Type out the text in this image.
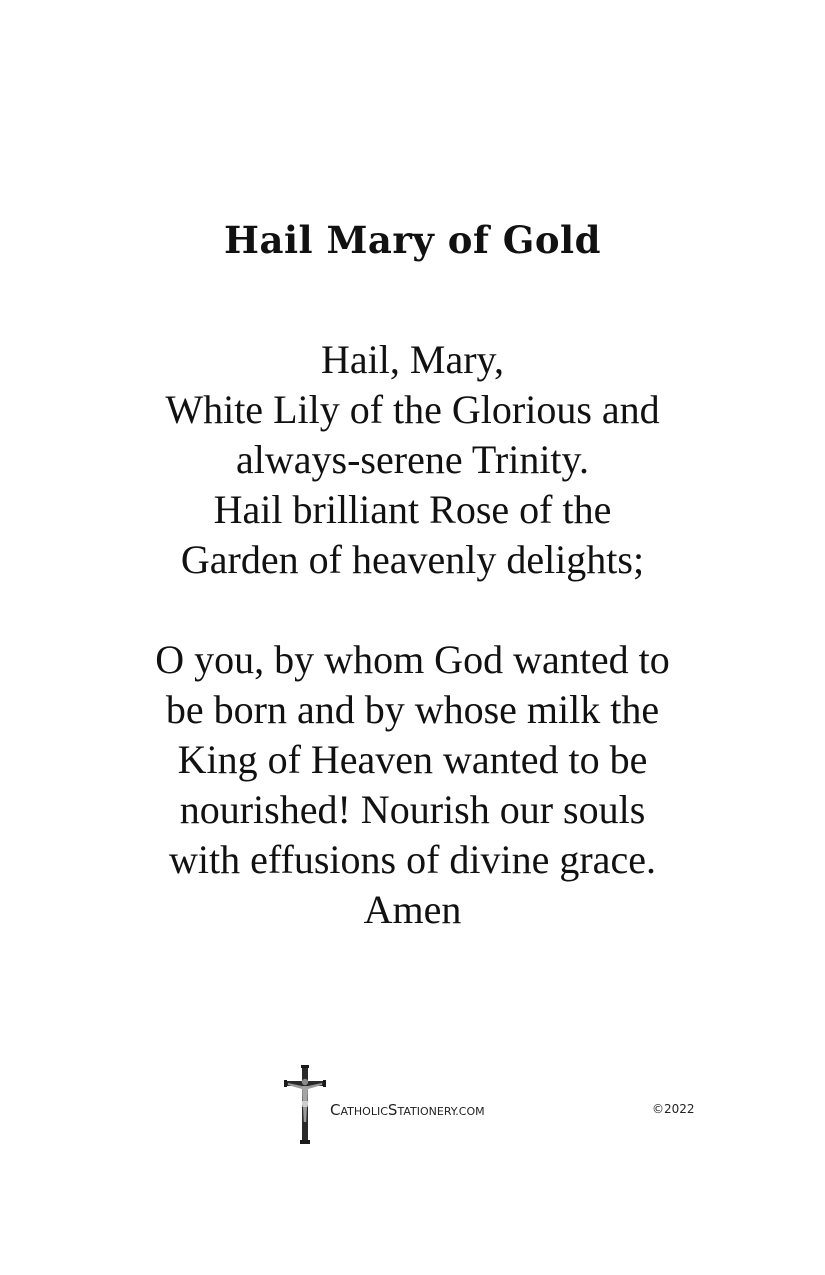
Hail Mary of Gold
Hail, Mary,
White Lily of the Glorious and
always-serene Trinity.
Hail brilliant Rose of the
Garden of heavenly delights;
O you, by whom God wanted to
be born and by whose milk the
King of Heaven wanted to be
nourished! Nourish our souls
with effusions of divine grace.
Amen
CATHOLICSTATIONERY.COM	©2022
